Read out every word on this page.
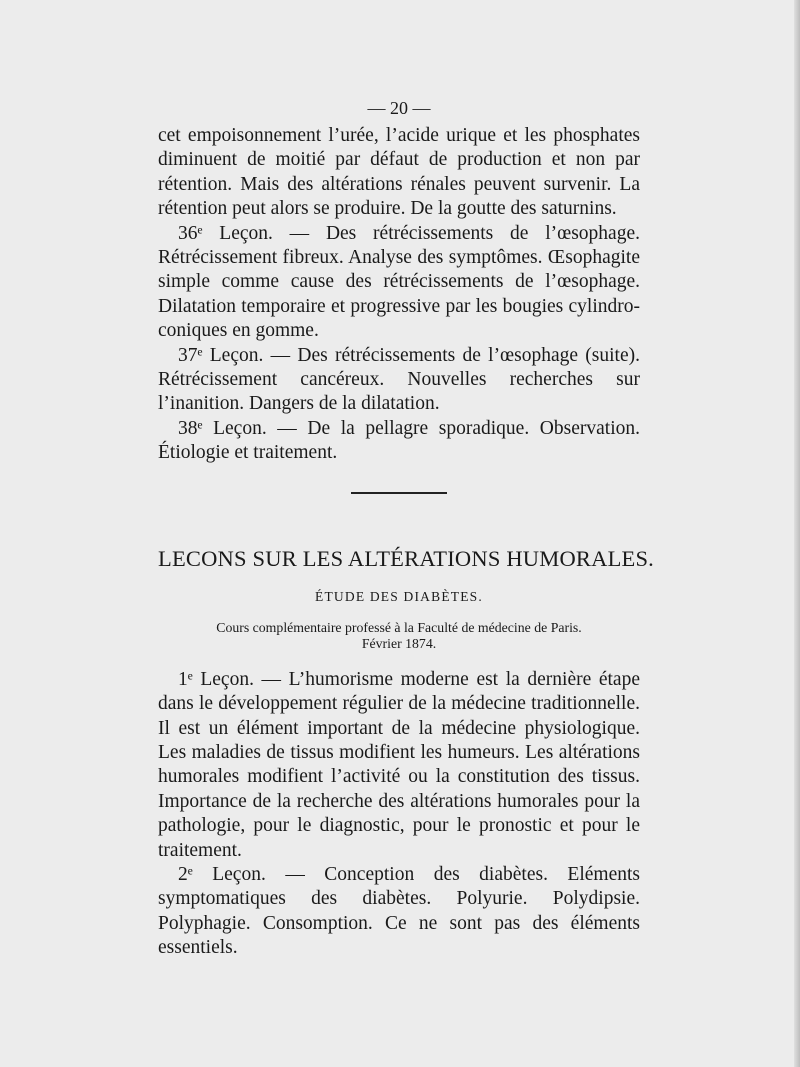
— 20 —

cet empoisonnement l’urée, l’acide urique et les phosphates diminuent de moitié par défaut de production et non par rétention. Mais des altérations rénales peuvent survenir. La rétention peut alors se produire. De la goutte des saturnins.

36ᵉ Leçon. — Des rétrécissements de l’œsophage. Rétrécissement fibreux. Analyse des symptômes. Œsophagite simple comme cause des rétrécissements de l’œsophage. Dilatation temporaire et progressive par les bougies cylindro-coniques en gomme.

37ᵉ Leçon. — Des rétrécissements de l’œsophage (suite). Rétrécissement cancéreux. Nouvelles recherches sur l’inanition. Dangers de la dilatation.

38ᵉ Leçon. — De la pellagre sporadique. Observation. Étiologie et traitement.

LECONS SUR LES ALTÉRATIONS HUMORALES.
ÉTUDE DES DIABÈTES.
Cours complémentaire professé à la Faculté de médecine de Paris.
Février 1874.

1ᵉ Leçon. — L’humorisme moderne est la dernière étape dans le développement régulier de la médecine traditionnelle. Il est un élément important de la médecine physiologique. Les maladies de tissus modifient les humeurs. Les altérations humorales modifient l’activité ou la constitution des tissus. Importance de la recherche des altérations humorales pour la pathologie, pour le diagnostic, pour le pronostic et pour le traitement.

2ᵉ Leçon. — Conception des diabètes. Eléments symptomatiques des diabètes. Polyurie. Polydipsie. Polyphagie. Consomption. Ce ne sont pas des éléments essentiels.
